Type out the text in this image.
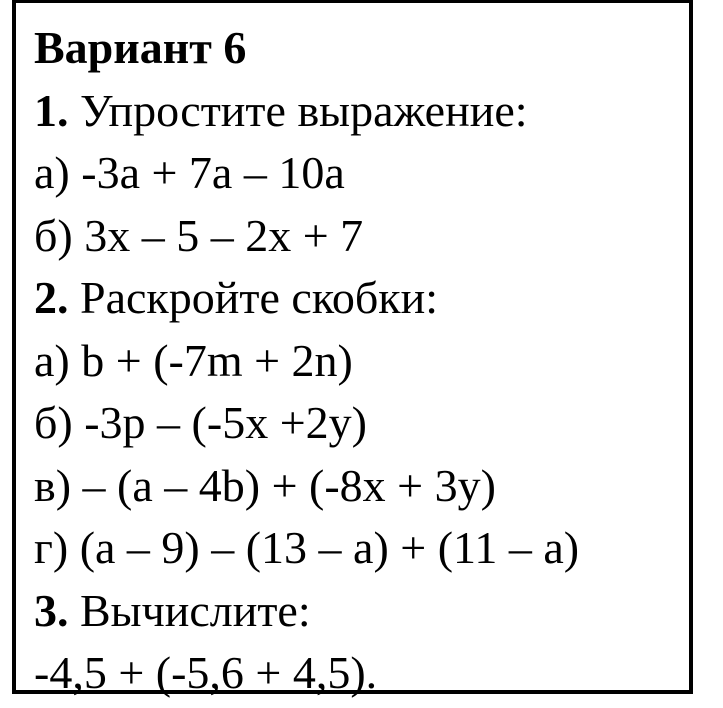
Вариант 6
1. Упростите выражение:
а) -3a + 7a – 10a
б) 3x – 5 – 2x + 7
2. Раскройте скобки:
а) b + (-7m + 2n)
б) -3p – (-5x +2y)
в) – (a – 4b) + (-8x + 3y)
г) (a – 9) – (13 – a) + (11 – a)
3. Вычислите:
-4,5 + (-5,6 + 4,5).
